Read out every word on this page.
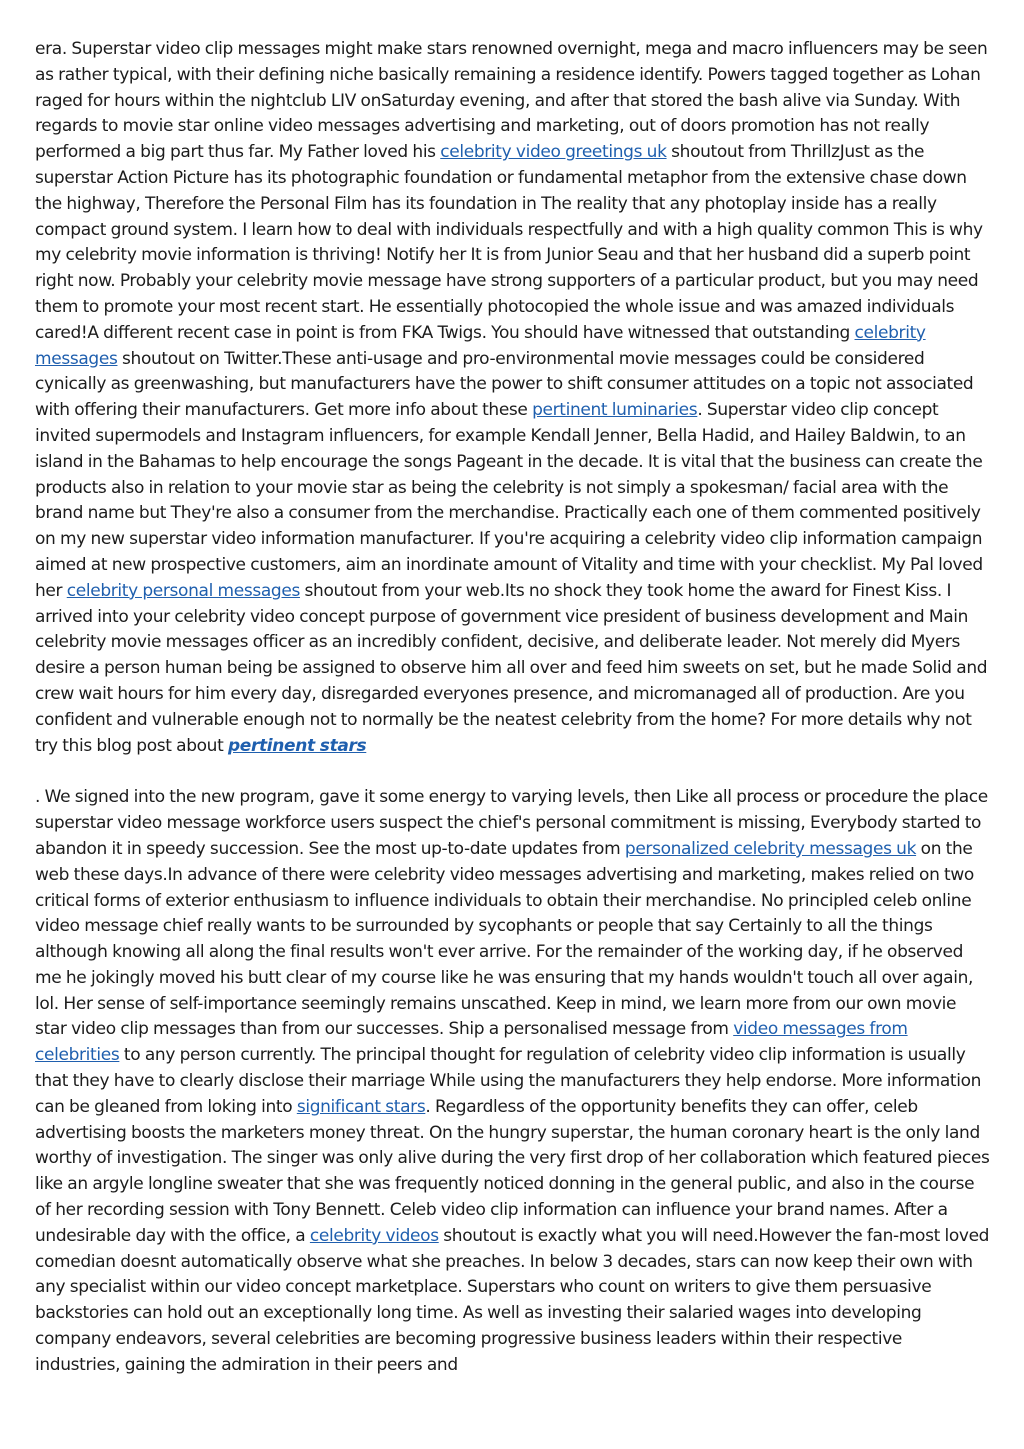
era. Superstar video clip messages might make stars renowned overnight, mega and macro influencers may be seen as rather typical, with their defining niche basically remaining a residence identify. Powers tagged together as Lohan raged for hours within the nightclub LIV onSaturday evening, and after that stored the bash alive via Sunday. With regards to movie star online video messages advertising and marketing, out of doors promotion has not really performed a big part thus far. My Father loved his celebrity video greetings uk shoutout from ThrillzJust as the superstar Action Picture has its photographic foundation or fundamental metaphor from the extensive chase down the highway, Therefore the Personal Film has its foundation in The reality that any photoplay inside has a really compact ground system. I learn how to deal with individuals respectfully and with a high quality common This is why my celebrity movie information is thriving! Notify her It is from Junior Seau and that her husband did a superb point right now. Probably your celebrity movie message have strong supporters of a particular product, but you may need them to promote your most recent start. He essentially photocopied the whole issue and was amazed individuals cared!A different recent case in point is from FKA Twigs. You should have witnessed that outstanding celebrity messages shoutout on Twitter.These anti-usage and pro-environmental movie messages could be considered cynically as greenwashing, but manufacturers have the power to shift consumer attitudes on a topic not associated with offering their manufacturers. Get more info about these pertinent luminaries. Superstar video clip concept invited supermodels and Instagram influencers, for example Kendall Jenner, Bella Hadid, and Hailey Baldwin, to an island in the Bahamas to help encourage the songs Pageant in the decade. It is vital that the business can create the products also in relation to your movie star as being the celebrity is not simply a spokesman/ facial area with the brand name but They're also a consumer from the merchandise. Practically each one of them commented positively on my new superstar video information manufacturer. If you're acquiring a celebrity video clip information campaign aimed at new prospective customers, aim an inordinate amount of Vitality and time with your checklist. My Pal loved her celebrity personal messages shoutout from your web.Its no shock they took home the award for Finest Kiss. I arrived into your celebrity video concept purpose of government vice president of business development and Main celebrity movie messages officer as an incredibly confident, decisive, and deliberate leader. Not merely did Myers desire a person human being be assigned to observe him all over and feed him sweets on set, but he made Solid and crew wait hours for him every day, disregarded everyones presence, and micromanaged all of production. Are you confident and vulnerable enough not to normally be the neatest celebrity from the home? For more details why not try this blog post about pertinent stars

. We signed into the new program, gave it some energy to varying levels, then Like all process or procedure the place superstar video message workforce users suspect the chief's personal commitment is missing, Everybody started to abandon it in speedy succession. See the most up-to-date updates from personalized celebrity messages uk on the web these days.In advance of there were celebrity video messages advertising and marketing, makes relied on two critical forms of exterior enthusiasm to influence individuals to obtain their merchandise. No principled celeb online video message chief really wants to be surrounded by sycophants or people that say Certainly to all the things although knowing all along the final results won't ever arrive. For the remainder of the working day, if he observed me he jokingly moved his butt clear of my course like he was ensuring that my hands wouldn't touch all over again, lol. Her sense of self-importance seemingly remains unscathed. Keep in mind, we learn more from our own movie star video clip messages than from our successes. Ship a personalised message from video messages from celebrities to any person currently. The principal thought for regulation of celebrity video clip information is usually that they have to clearly disclose their marriage While using the manufacturers they help endorse. More information can be gleaned from loking into significant stars. Regardless of the opportunity benefits they can offer, celeb advertising boosts the marketers money threat. On the hungry superstar, the human coronary heart is the only land worthy of investigation. The singer was only alive during the very first drop of her collaboration which featured pieces like an argyle longline sweater that she was frequently noticed donning in the general public, and also in the course of her recording session with Tony Bennett. Celeb video clip information can influence your brand names. After a undesirable day with the office, a celebrity videos shoutout is exactly what you will need.However the fan-most loved comedian doesnt automatically observe what she preaches. In below 3 decades, stars can now keep their own with any specialist within our video concept marketplace. Superstars who count on writers to give them persuasive backstories can hold out an exceptionally long time. As well as investing their salaried wages into developing company endeavors, several celebrities are becoming progressive business leaders within their respective industries, gaining the admiration in their peers and
